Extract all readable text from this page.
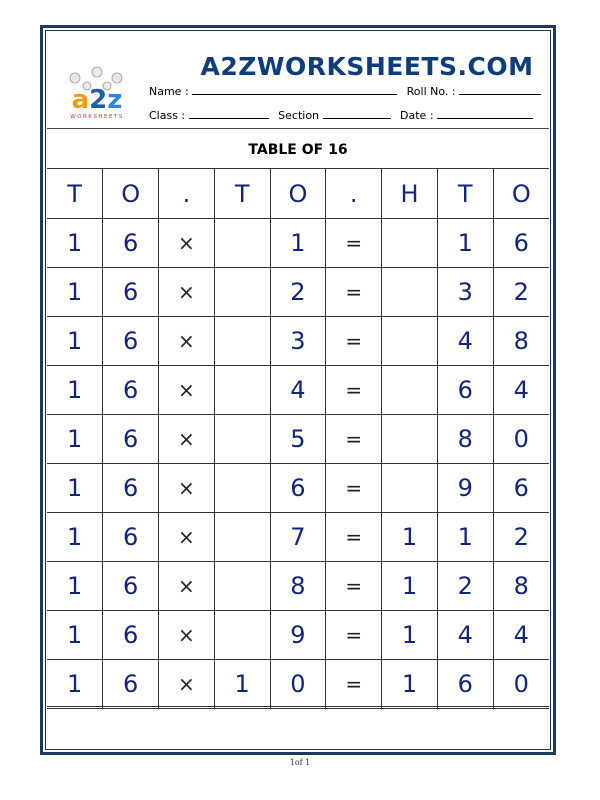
a2z
WORKSHEETS
A2ZWORKSHEETS.COM
Name :	Roll No. :
Class :	Section	Date :
TABLE OF 16
T	O	.	T	O	.	H	T	O
1	6	×		1	=		1	6
1	6	×		2	=		3	2
1	6	×		3	=		4	8
1	6	×		4	=		6	4
1	6	×		5	=		8	0
1	6	×		6	=		9	6
1	6	×		7	=	1	1	2
1	6	×		8	=	1	2	8
1	6	×		9	=	1	4	4
1	6	×	1	0	=	1	6	0
1of 1
